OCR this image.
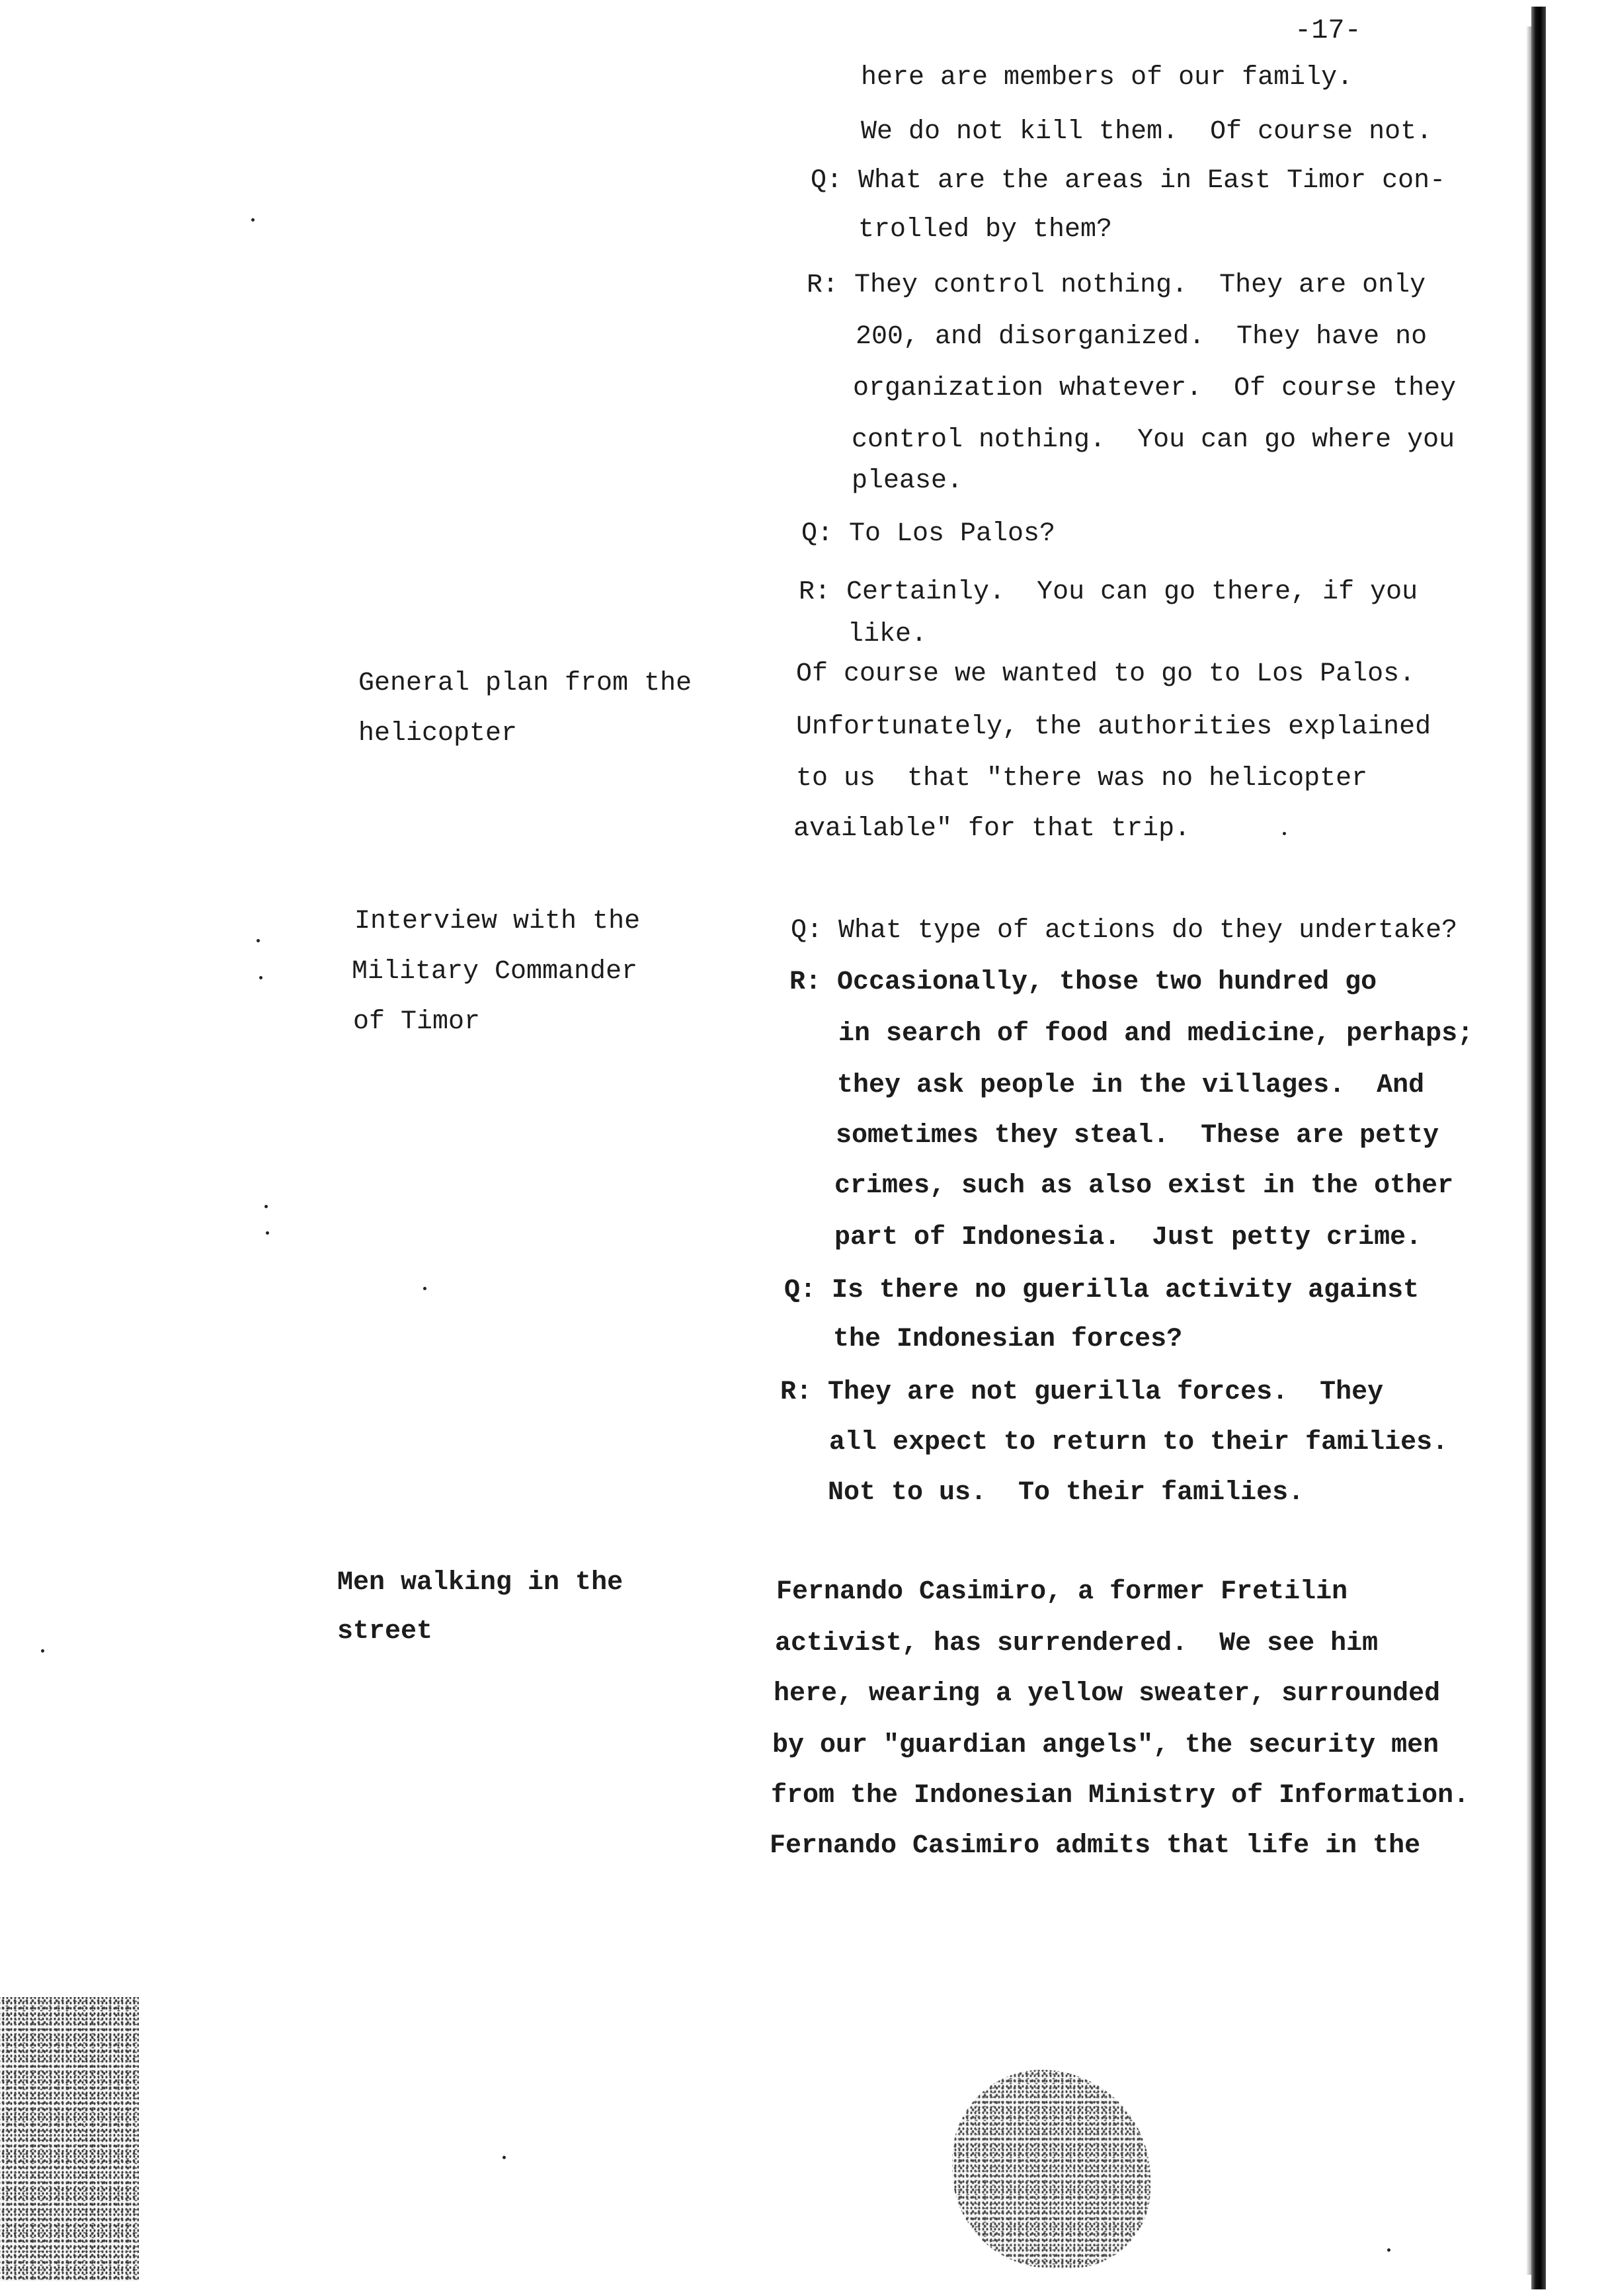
-17-
here are members of our family.
We do not kill them.  Of course not.
Q: What are the areas in East Timor con-
trolled by them?
R: They control nothing.  They are only
200, and disorganized.  They have no
organization whatever.  Of course they
control nothing.  You can go where you
please.
Q: To Los Palos?
R: Certainly.  You can go there, if you
like.
General plan from the
helicopter
Of course we wanted to go to Los Palos.
Unfortunately, the authorities explained
to us  that "there was no helicopter
available" for that trip.
Interview with the
Military Commander
of Timor
Q: What type of actions do they undertake?
R: Occasionally, those two hundred go
in search of food and medicine, perhaps;
they ask people in the villages.  And
sometimes they steal.  These are petty
crimes, such as also exist in the other
part of Indonesia.  Just petty crime.
Q: Is there no guerilla activity against
the Indonesian forces?
R: They are not guerilla forces.  They
all expect to return to their families.
Not to us.  To their families.
Men walking in the
street
Fernando Casimiro, a former Fretilin
activist, has surrendered.  We see him
here, wearing a yellow sweater, surrounded
by our "guardian angels", the security men
from the Indonesian Ministry of Information.
Fernando Casimiro admits that life in the
